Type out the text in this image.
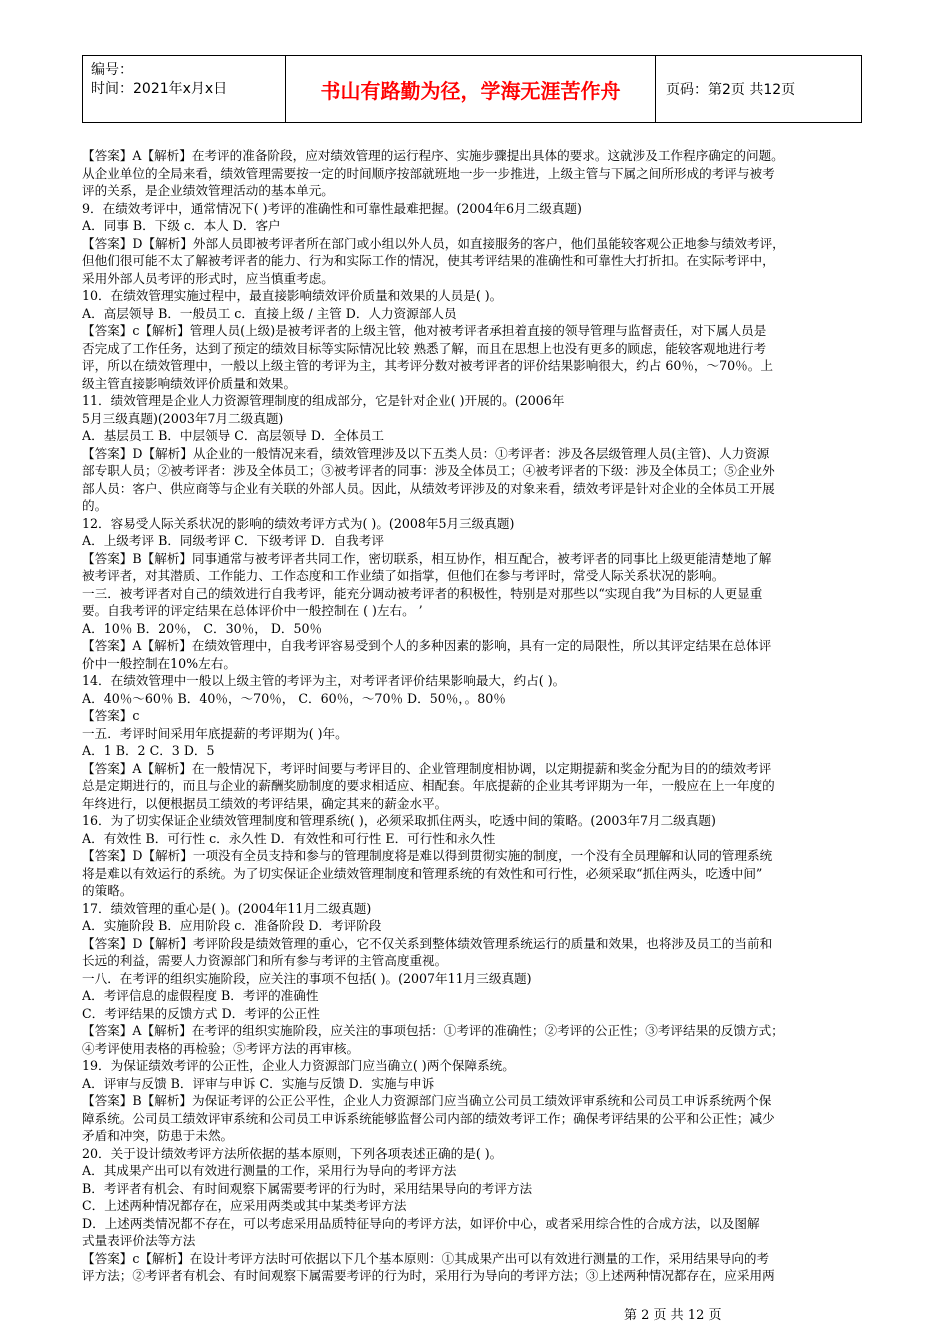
编号：
时间：2021年x月x日	书山有路勤为径，学海无涯苦作舟	页码：第2页 共12页
【答案】A【解析】在考评的准备阶段，应对绩效管理的运行程序、实施步骤提出具体的要求。这就涉及工作程序确定的问题。
从企业单位的全局来看，绩效管理需要按一定的时间顺序按部就班地一步一步推进，上级主管与下属之间所形成的考评与被考
评的关系，是企业绩效管理活动的基本单元。
9．在绩效考评中，通常情况下( )考评的准确性和可靠性最难把握。(2004年6月二级真题)
A．同事 B．下级 c．本人 D．客户
【答案】D【解析】外部人员即被考评者所在部门或小组以外人员，如直接服务的客户，他们虽能较客观公正地参与绩效考评，
但他们很可能不太了解被考评者的能力、行为和实际工作的情况，使其考评结果的准确性和可靠性大打折扣。在实际考评中，
采用外部人员考评的形式时，应当慎重考虑。
10．在绩效管理实施过程中，最直接影响绩效评价质量和效果的人员是( )。
A．高层领导 B．一般员工 c．直接上级 / 主管 D．人力资源部人员
【答案】c【解析】管理人员(上级)是被考评者的上级主管，他对被考评者承担着直接的领导管理与监督责任，对下属人员是
否完成了工作任务，达到了预定的绩效目标等实际情况比较 熟悉了解，而且在思想上也没有更多的顾虑，能较客观地进行考
评，所以在绩效管理中，一般以上级主管的考评为主，其考评分数对被考评者的评价结果影响很大，约占 60％，～70％。上
级主管直接影响绩效评价质量和效果。
11．绩效管理是企业人力资源管理制度的组成部分，它是针对企业( )开展的。(2006年
5月三级真题)(2003年7月二级真题)
A．基层员工 B．中层领导 C．高层领导 D．全体员工
【答案】D【解析】从企业的一般情况来看，绩效管理涉及以下五类人员：①考评者：涉及各层级管理人员(主管)、人力资源
部专职人员；②被考评者：涉及全体员工；③被考评者的同事：涉及全体员工；④被考评者的下级：涉及全体员工；⑤企业外
部人员：客户、供应商等与企业有关联的外部人员。因此，从绩效考评涉及的对象来看，绩效考评是针对企业的全体员工开展
的。
12．容易受人际关系状况的影响的绩效考评方式为( )。(2008年5月三级真题)
A．上级考评 B．同级考评 C．下级考评 D．自我考评
【答案】B【解析】同事通常与被考评者共同工作，密切联系，相互协作，相互配合，被考评者的同事比上级更能清楚地了解
被考评者，对其潜质、工作能力、工作态度和工作业绩了如指掌，但他们在参与考评时，常受人际关系状况的影响。
一三．被考评者对自己的绩效进行自我考评，能充分调动被考评者的积极性，特别是对那些以“实现自我”为目标的人更显重
要。自我考评的评定结果在总体评价中一般控制在 ( )左右。 ’
A．10％ B．20％， C．30％， D．50％
【答案】A【解析】在绩效管理中，自我考评容易受到个人的多种因素的影响，具有一定的局限性，所以其评定结果在总体评
价中一般控制在10%左右。
14．在绩效管理中一般以上级主管的考评为主，对考评者评价结果影响最大，约占( )。
A．40％～60％ B．40％，～70％， C．60％，～70％ D．50％，。80％
【答案】c
一五．考评时间采用年底提薪的考评期为( )年。
A．1 B．2 C．3 D．5
【答案】A【解析】在一般情况下，考评时间要与考评目的、企业管理制度相协调，以定期提薪和奖金分配为目的的绩效考评
总是定期进行的，而且与企业的薪酬奖励制度的要求相适应、相配套。年底提薪的企业其考评期为一年，一般应在上一年度的
年终进行，以便根据员工绩效的考评结果，确定其来的薪金水平。
16．为了切实保证企业绩效管理制度和管理系统( )，必须采取抓住两头，吃透中间的策略。(2003年7月二级真题)
A．有效性 B．可行性 c．永久性 D．有效性和可行性 E．可行性和永久性
【答案】D【解析】一项没有全员支持和参与的管理制度将是难以得到贯彻实施的制度，一个没有全员理解和认同的管理系统
将是难以有效运行的系统。为了切实保证企业绩效管理制度和管理系统的有效性和可行性，必须采取“抓住两头，吃透中间”
的策略。
17．绩效管理的重心是( )。(2004年11月二级真题)
A．实施阶段 B．应用阶段 c．准备阶段 D．考评阶段
【答案】D【解析】考评阶段是绩效管理的重心，它不仅关系到整体绩效管理系统运行的质量和效果，也将涉及员工的当前和
长远的利益，需要人力资源部门和所有参与考评的主管高度重视。
一八．在考评的组织实施阶段，应关注的事项不包括( )。(2007年11月三级真题)
A．考评信息的虚假程度 B．考评的准确性
C．考评结果的反馈方式 D．考评的公正性
【答案】A【解析】在考评的组织实施阶段，应关注的事项包括：①考评的准确性；②考评的公正性；③考评结果的反馈方式；
④考评使用表格的再检验；⑤考评方法的再审核。
19．为保证绩效考评的公正性，企业人力资源部门应当确立( )两个保障系统。
A．评审与反馈 B．评审与申诉 C．实施与反馈 D．实施与申诉
【答案】B【解析】为保证考评的公正公平性，企业人力资源部门应当确立公司员工绩效评审系统和公司员工申诉系统两个保
障系统。公司员工绩效评审系统和公司员工申诉系统能够监督公司内部的绩效考评工作；确保考评结果的公平和公正性；减少
矛盾和冲突，防患于未然。
20．关于设计绩效考评方法所依据的基本原则，下列各项表述正确的是( )。
A．其成果产出可以有效进行测量的工作，采用行为导向的考评方法
B．考评者有机会、有时间观察下属需要考评的行为时，采用结果导向的考评方法
C．上述两种情况都存在，应采用两类或其中某类考评方法
D．上述两类情况都不存在，可以考虑采用品质特征导向的考评方法，如评价中心，或者采用综合性的合成方法，以及图解
式量表评价法等方法
【答案】c【解析】在设计考评方法时可依据以下几个基本原则：①其成果产出可以有效进行测量的工作，采用结果导向的考
评方法；②考评者有机会、有时间观察下属需要考评的行为时，采用行为导向的考评方法；③上述两种情况都存在，应采用两
第 2 页 共 12 页
